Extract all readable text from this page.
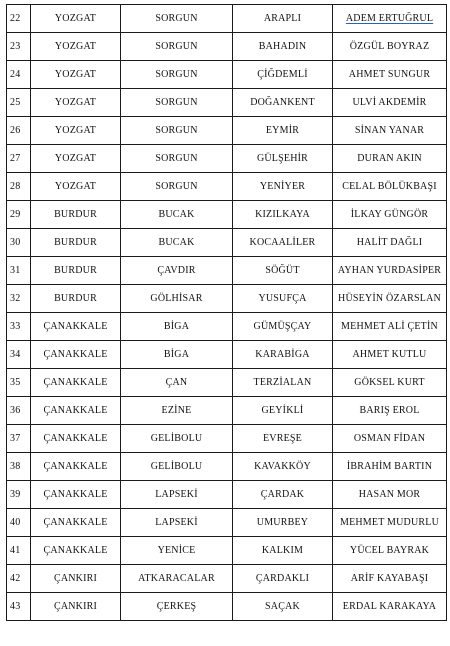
22	YOZGAT	SORGUN	ARAPLI	ADEM ERTUĞRUL
23	YOZGAT	SORGUN	BAHADIN	ÖZGÜL BOYRAZ
24	YOZGAT	SORGUN	ÇİĞDEMLİ	AHMET SUNGUR
25	YOZGAT	SORGUN	DOĞANKENT	ULVİ AKDEMİR
26	YOZGAT	SORGUN	EYMİR	SİNAN YANAR
27	YOZGAT	SORGUN	GÜLŞEHİR	DURAN AKIN
28	YOZGAT	SORGUN	YENİYER	CELAL BÖLÜKBAŞI
29	BURDUR	BUCAK	KIZILKAYA	İLKAY GÜNGÖR
30	BURDUR	BUCAK	KOCAALİLER	HALİT DAĞLI
31	BURDUR	ÇAVDIR	SÖĞÜT	AYHAN YURDASİPER
32	BURDUR	GÖLHİSAR	YUSUFÇA	HÜSEYİN ÖZARSLAN
33	ÇANAKKALE	BİGA	GÜMÜŞÇAY	MEHMET ALİ ÇETİN
34	ÇANAKKALE	BİGA	KARABİGA	AHMET KUTLU
35	ÇANAKKALE	ÇAN	TERZİALAN	GÖKSEL KURT
36	ÇANAKKALE	EZİNE	GEYİKLİ	BARIŞ EROL
37	ÇANAKKALE	GELİBOLU	EVREŞE	OSMAN FİDAN
38	ÇANAKKALE	GELİBOLU	KAVAKKÖY	İBRAHİM BARTIN
39	ÇANAKKALE	LAPSEKİ	ÇARDAK	HASAN MOR
40	ÇANAKKALE	LAPSEKİ	UMURBEY	MEHMET MUDURLU
41	ÇANAKKALE	YENİCE	KALKIM	YÜCEL BAYRAK
42	ÇANKIRI	ATKARACALAR	ÇARDAKLI	ARİF KAYABAŞI
43	ÇANKIRI	ÇERKEŞ	SAÇAK	ERDAL KARAKAYA
